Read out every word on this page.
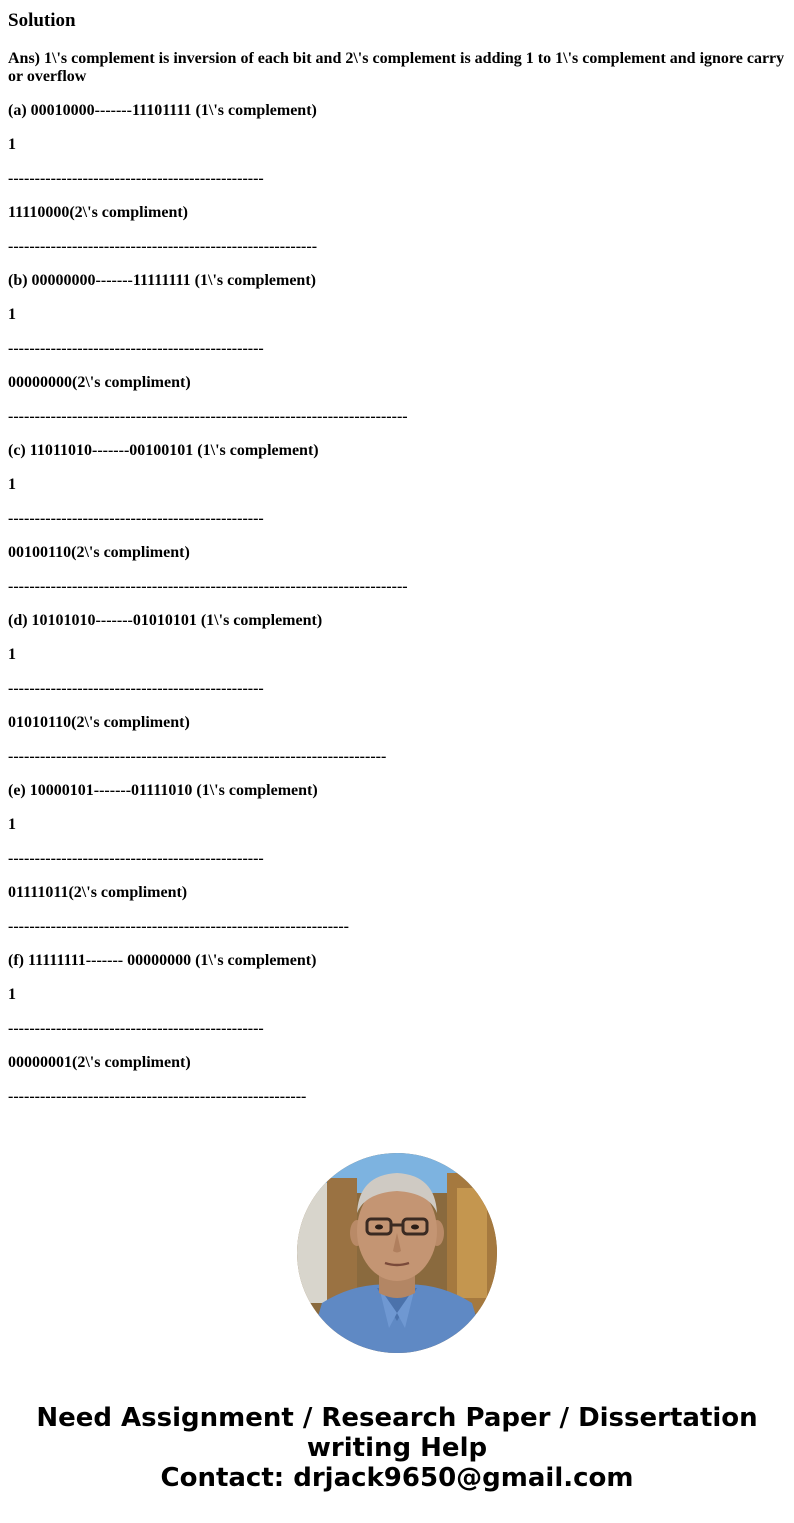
Solution

Ans) 1\'s complement is inversion of each bit and 2\'s complement is adding 1 to 1\'s complement and ignore carry or overflow

(a) 00010000-------11101111 (1\'s complement)

1

------------------------------------------------

11110000(2\'s compliment)

----------------------------------------------------------

(b) 00000000-------11111111 (1\'s complement)

1

------------------------------------------------

00000000(2\'s compliment)

---------------------------------------------------------------------------

(c) 11011010-------00100101 (1\'s complement)

1

------------------------------------------------

00100110(2\'s compliment)

---------------------------------------------------------------------------

(d) 10101010-------01010101 (1\'s complement)

1

------------------------------------------------

01010110(2\'s compliment)

-----------------------------------------------------------------------

(e) 10000101-------01111010 (1\'s complement)

1

------------------------------------------------

01111011(2\'s compliment)

----------------------------------------------------------------

(f) 11111111------- 00000000 (1\'s complement)

1

------------------------------------------------

00000001(2\'s compliment)

--------------------------------------------------------

Need Assignment / Research Paper / Dissertation
writing Help
Contact: drjack9650@gmail.com
